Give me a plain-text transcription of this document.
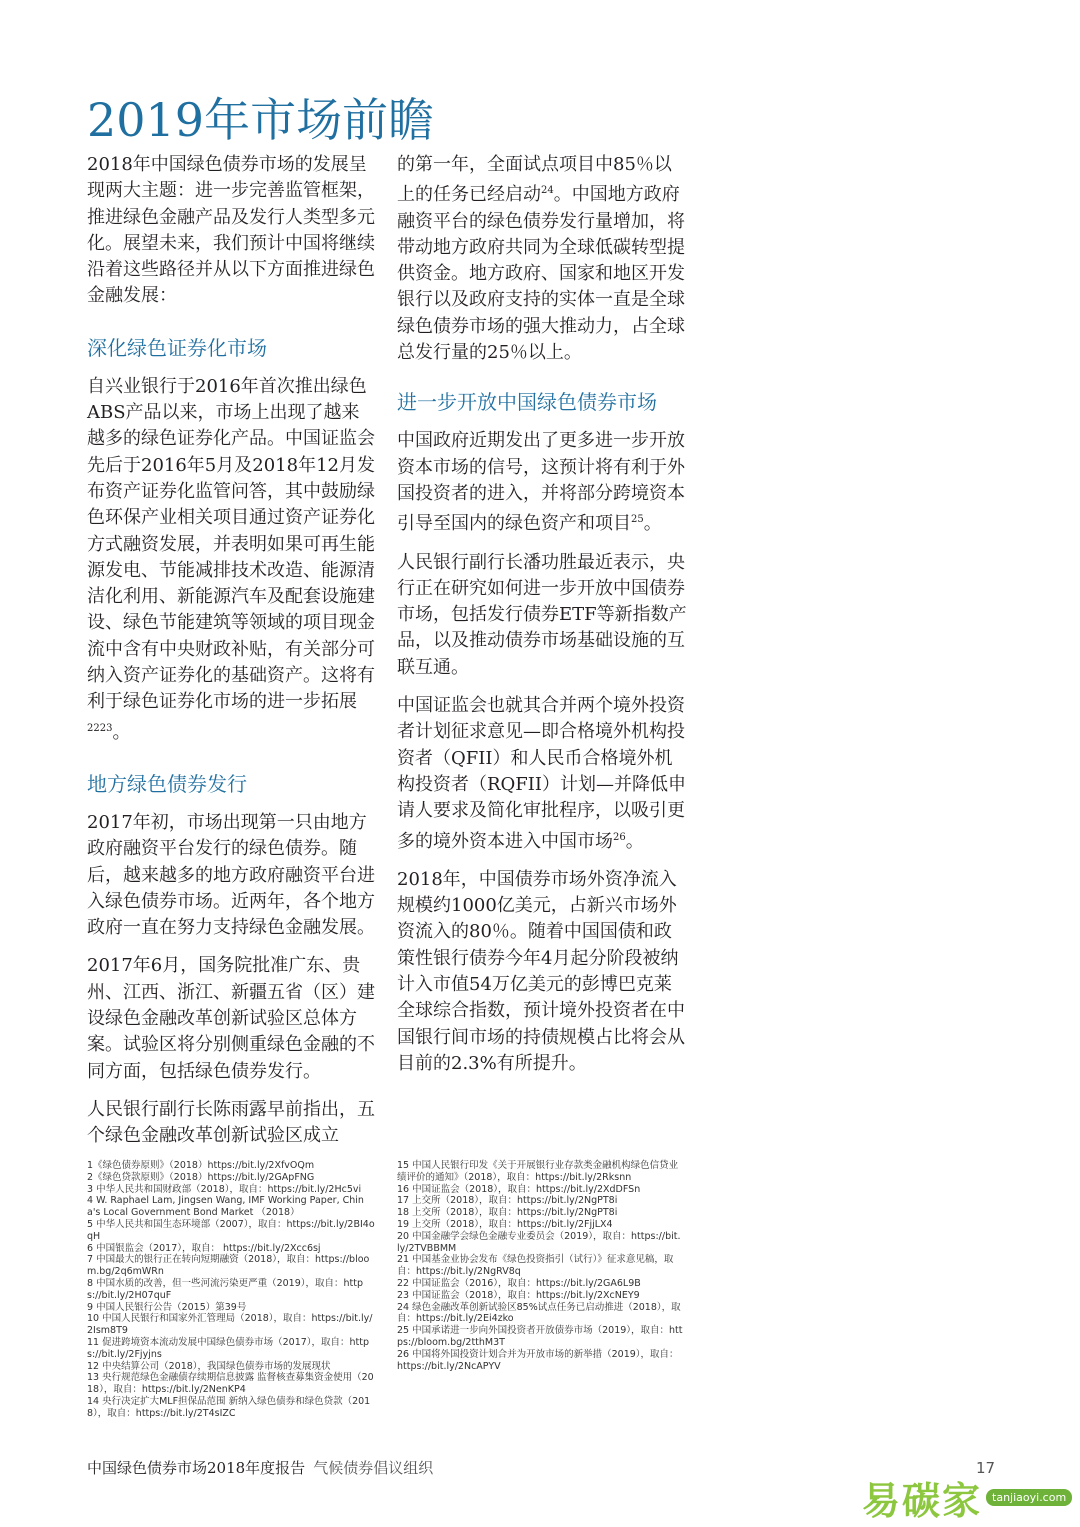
2019年市场前瞻

2018年中国绿色债券市场的发展呈现两大主题：进一步完善监管框架，推进绿色金融产品及发行人类型多元化。展望未来，我们预计中国将继续沿着这些路径并从以下方面推进绿色金融发展：

深化绿色证券化市场

自兴业银行于2016年首次推出绿色ABS产品以来，市场上出现了越来越多的绿色证券化产品。中国证监会先后于2016年5月及2018年12月发布资产证券化监管问答，其中鼓励绿色环保产业相关项目通过资产证券化方式融资发展，并表明如果可再生能源发电、节能减排技术改造、能源清洁化利用、新能源汽车及配套设施建设、绿色节能建筑等领域的项目现金流中含有中央财政补贴，有关部分可纳入资产证券化的基础资产。这将有利于绿色证券化市场的进一步拓展$^{2223}$。

地方绿色债券发行

2017年初，市场出现第一只由地方政府融资平台发行的绿色债券。随后，越来越多的地方政府融资平台进入绿色债券市场。近两年，各个地方政府一直在努力支持绿色金融发展。

2017年6月，国务院批准广东、贵州、江西、浙江、新疆五省（区）建设绿色金融改革创新试验区总体方案。试验区将分别侧重绿色金融的不同方面，包括绿色债券发行。

人民银行副行长陈雨露早前指出，五个绿色金融改革创新试验区成立

的第一年，全面试点项目中85％以上的任务已经启动$^{24}$。中国地方政府融资平台的绿色债券发行量增加，将带动地方政府共同为全球低碳转型提供资金。地方政府、国家和地区开发银行以及政府支持的实体一直是全球绿色债券市场的强大推动力，占全球总发行量的25％以上。

进一步开放中国绿色债券市场

中国政府近期发出了更多进一步开放资本市场的信号，这预计将有利于外国投资者的进入，并将部分跨境资本引导至国内的绿色资产和项目$^{25}$。

人民银行副行长潘功胜最近表示，央行正在研究如何进一步开放中国债券市场，包括发行债券ETF等新指数产品，以及推动债券市场基础设施的互联互通。

中国证监会也就其合并两个境外投资者计划征求意见—即合格境外机构投资者（QFII）和人民币合格境外机构投资者（RQFII）计划—并降低申请人要求及简化审批程序，以吸引更多的境外资本进入中国市场$^{26}$。

2018年，中国债券市场外资净流入规模约1000亿美元，占新兴市场外资流入的80％。随着中国国债和政策性银行债券今年4月起分阶段被纳计入市值54万亿美元的彭博巴克莱全球综合指数，预计境外投资者在中国银行间市场的持债规模占比将会从目前的2.3%有所提升。

1《绿色债券原则》（2018）https://bit.ly/2XfvOQm
2《绿色贷款原则》（2018）https://bit.ly/2GApFNG
3 中华人民共和国财政部（2018），取自：https://bit.ly/2Hc5vi
4 W. Raphael Lam, Jingsen Wang, IMF Working Paper, China's Local Government Bond Market （2018）
5 中华人民共和国生态环境部（2007），取自：https://bit.ly/2BI4oqH
6 中国银监会（2017），取自： https://bit.ly/2Xcc6sj
7 中国最大的银行正在转向短期融资（2018），取自：https://bloom.bg/2q6mWRn
8 中国水质的改善，但一些河流污染更严重（2019），取自：https://bit.ly/2H07quF
9 中国人民银行公告（2015）第39号
10 中国人民银行和国家外汇管理局（2018），取自：https://bit.ly/2Ism8T9
11 促进跨境资本流动发展中国绿色债券市场（2017），取自：https://bit.ly/2Fjyjns
12 中央结算公司（2018），我国绿色债券市场的发展现状
13 央行规范绿色金融债存续期信息披露 监督核查募集资金使用（2018），取自：https://bit.ly/2NenKP4
14 央行决定扩大MLF担保品范围 新纳入绿色债券和绿色贷款（2018），取自：https://bit.ly/2T4sIZC
15 中国人民银行印发《关于开展银行业存款类金融机构绿色信贷业绩评价的通知》（2018），取自：https://bit.ly/2Rksnn
16 中国证监会（2018），取自：https://bit.ly/2XdDFSn
17 上交所（2018），取自：https://bit.ly/2NgPT8i
18 上交所（2018），取自：https://bit.ly/2NgPT8i
19 上交所（2018），取自：https://bit.ly/2FjjLX4
20 中国金融学会绿色金融专业委员会（2019），取自：https://bit.ly/2TVBBMM
21 中国基金业协会发布《绿色投资指引（试行）》征求意见稿，取自：https://bit.ly/2NgRV8q
22 中国证监会（2016），取自：https://bit.ly/2GA6L9B
23 中国证监会（2018），取自：https://bit.ly/2XcNEY9
24 绿色金融改革创新试验区85%试点任务已启动推进（2018），取自：https://bit.ly/2Ei4zko
25 中国承诺进一步向外国投资者开放债券市场（2019），取自：https://bloom.bg/2tthM3T
26 中国将外国投资计划合并为开放市场的新举措（2019），取自：https://bit.ly/2NcAPYV
中国绿色债券市场2018年度报告 气候债券倡议组织	17
易碳家 tanjiaoyi.com
